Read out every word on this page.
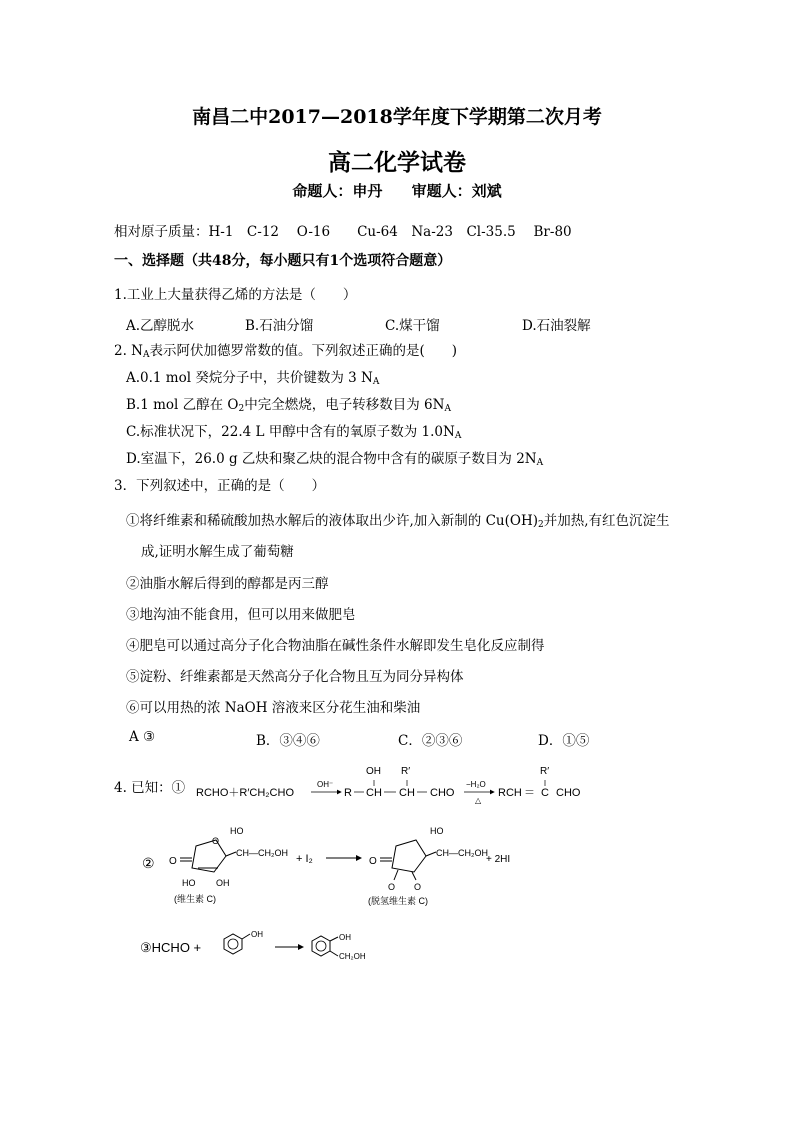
南昌二中2017—2018学年度下学期第二次月考
高二化学试卷
命题人：申丹 审题人：刘斌
相对原子质量：H-1　C-12　 O-16　　Cu-64　Na-23　Cl-35.5　 Br-80
一、选择题（共48分，每小题只有1个选项符合题意）
1.工业上大量获得乙烯的方法是（　　）
A.乙醇脱水	B.石油分馏	C.煤干馏	D.石油裂解
2. $N_A$表示阿伏加德罗常数的值。下列叙述正确的是(　　)
A.0.1 mol 癸烷分子中，共价键数为 3 $N_A$
B.1 mol 乙醇在 $O_2$中完全燃烧，电子转移数目为 $6N_A$
C.标准状况下，22.4 L 甲醇中含有的氧原子数为 $1.0N_A$
D.室温下，26.0 g 乙炔和聚乙炔的混合物中含有的碳原子数目为 $2N_A$
3．下列叙述中，正确的是（　　）
①将纤维素和稀硫酸加热水解后的液体取出少许,加入新制的 $Cu(OH)_2$并加热,有红色沉淀生
成,证明水解生成了葡萄糖
②油脂水解后得到的醇都是丙三醇
③地沟油不能食用，但可以用来做肥皂
④肥皂可以通过高分子化合物油脂在碱性条件水解即发生皂化反应制得
⑤淀粉、纤维素都是天然高分子化合物且互为同分异构体
⑥可以用热的浓 NaOH 溶液来区分花生油和柴油
A ③	B．③④⑥	C．②③⑥	D．①⑤
4. 已知：① RCHO＋R′CH₂CHO
OH⁻
R CH
OH
CH
R′
CHO
−H₂O
△
RCH ＝ C
R′
CHO
② O
O
HO
CH—CH₂OH
HO OH
(维生素 C)
+ I₂	O
HO
CH—CH₂OH
O O
(脱氢维生素 C)
+ 2HI
③HCHO +
OH	OH
CH₂OH
